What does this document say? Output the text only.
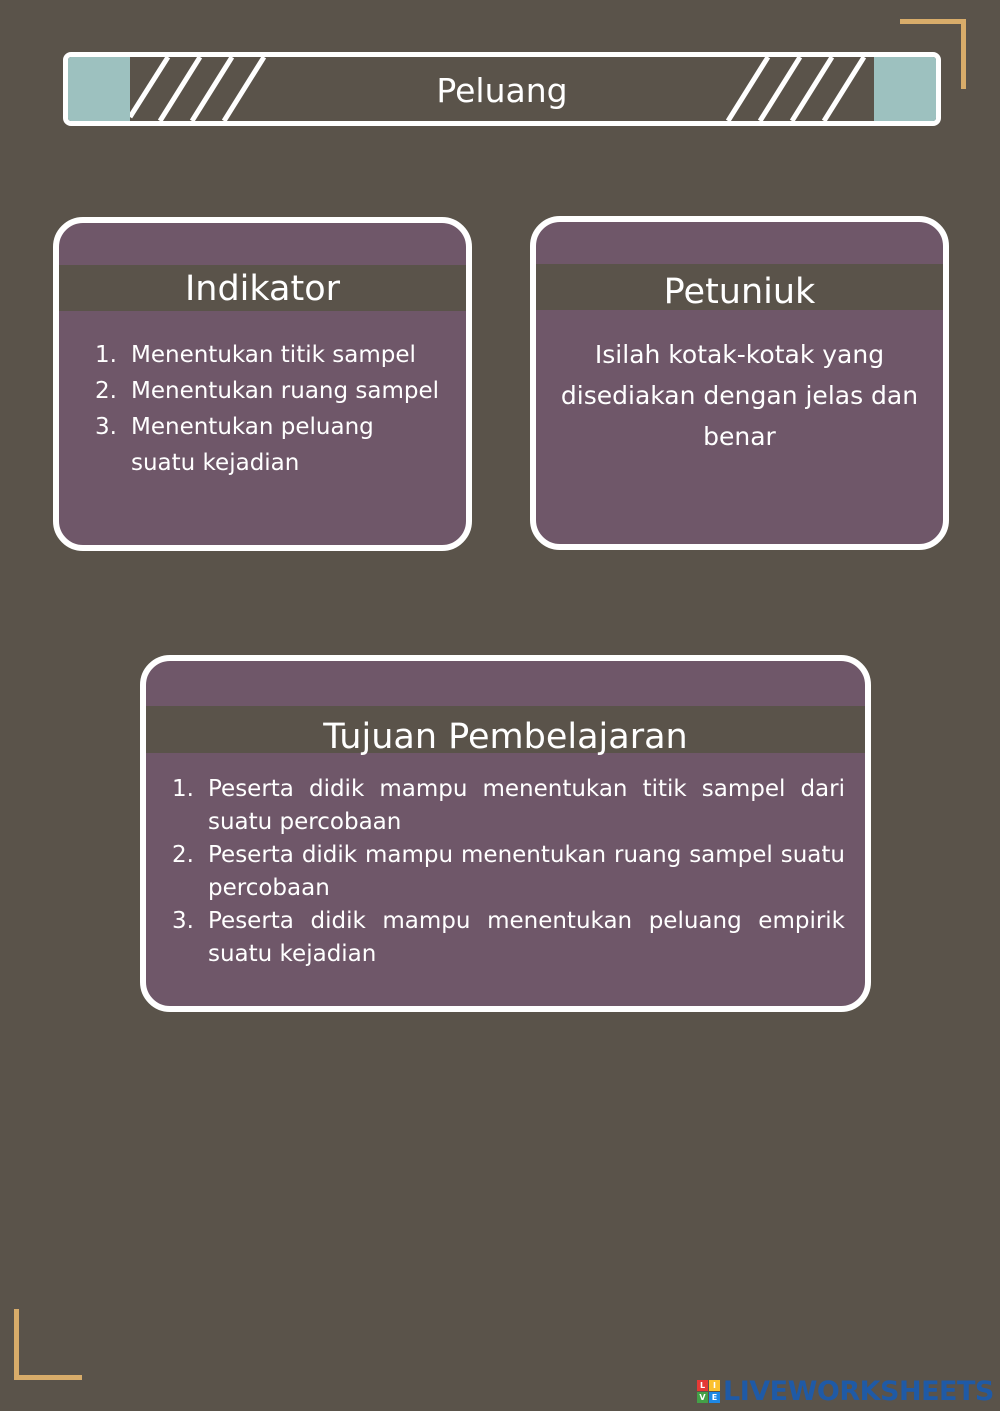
Peluang
Indikator
1. Menentukan titik sampel
2. Menentukan ruang sampel
3. Menentukan peluang suatu kejadian
Petuniuk
Isilah kotak-kotak yang disediakan dengan jelas dan benar
Tujuan Pembelajaran
1. Peserta didik mampu menentukan titik sampel dari suatu percobaan
2. Peserta didik mampu menentukan ruang sampel suatu percobaan
3. Peserta didik mampu menentukan peluang empirik suatu kejadian
L I
V E LIVEWORKSHEETS
